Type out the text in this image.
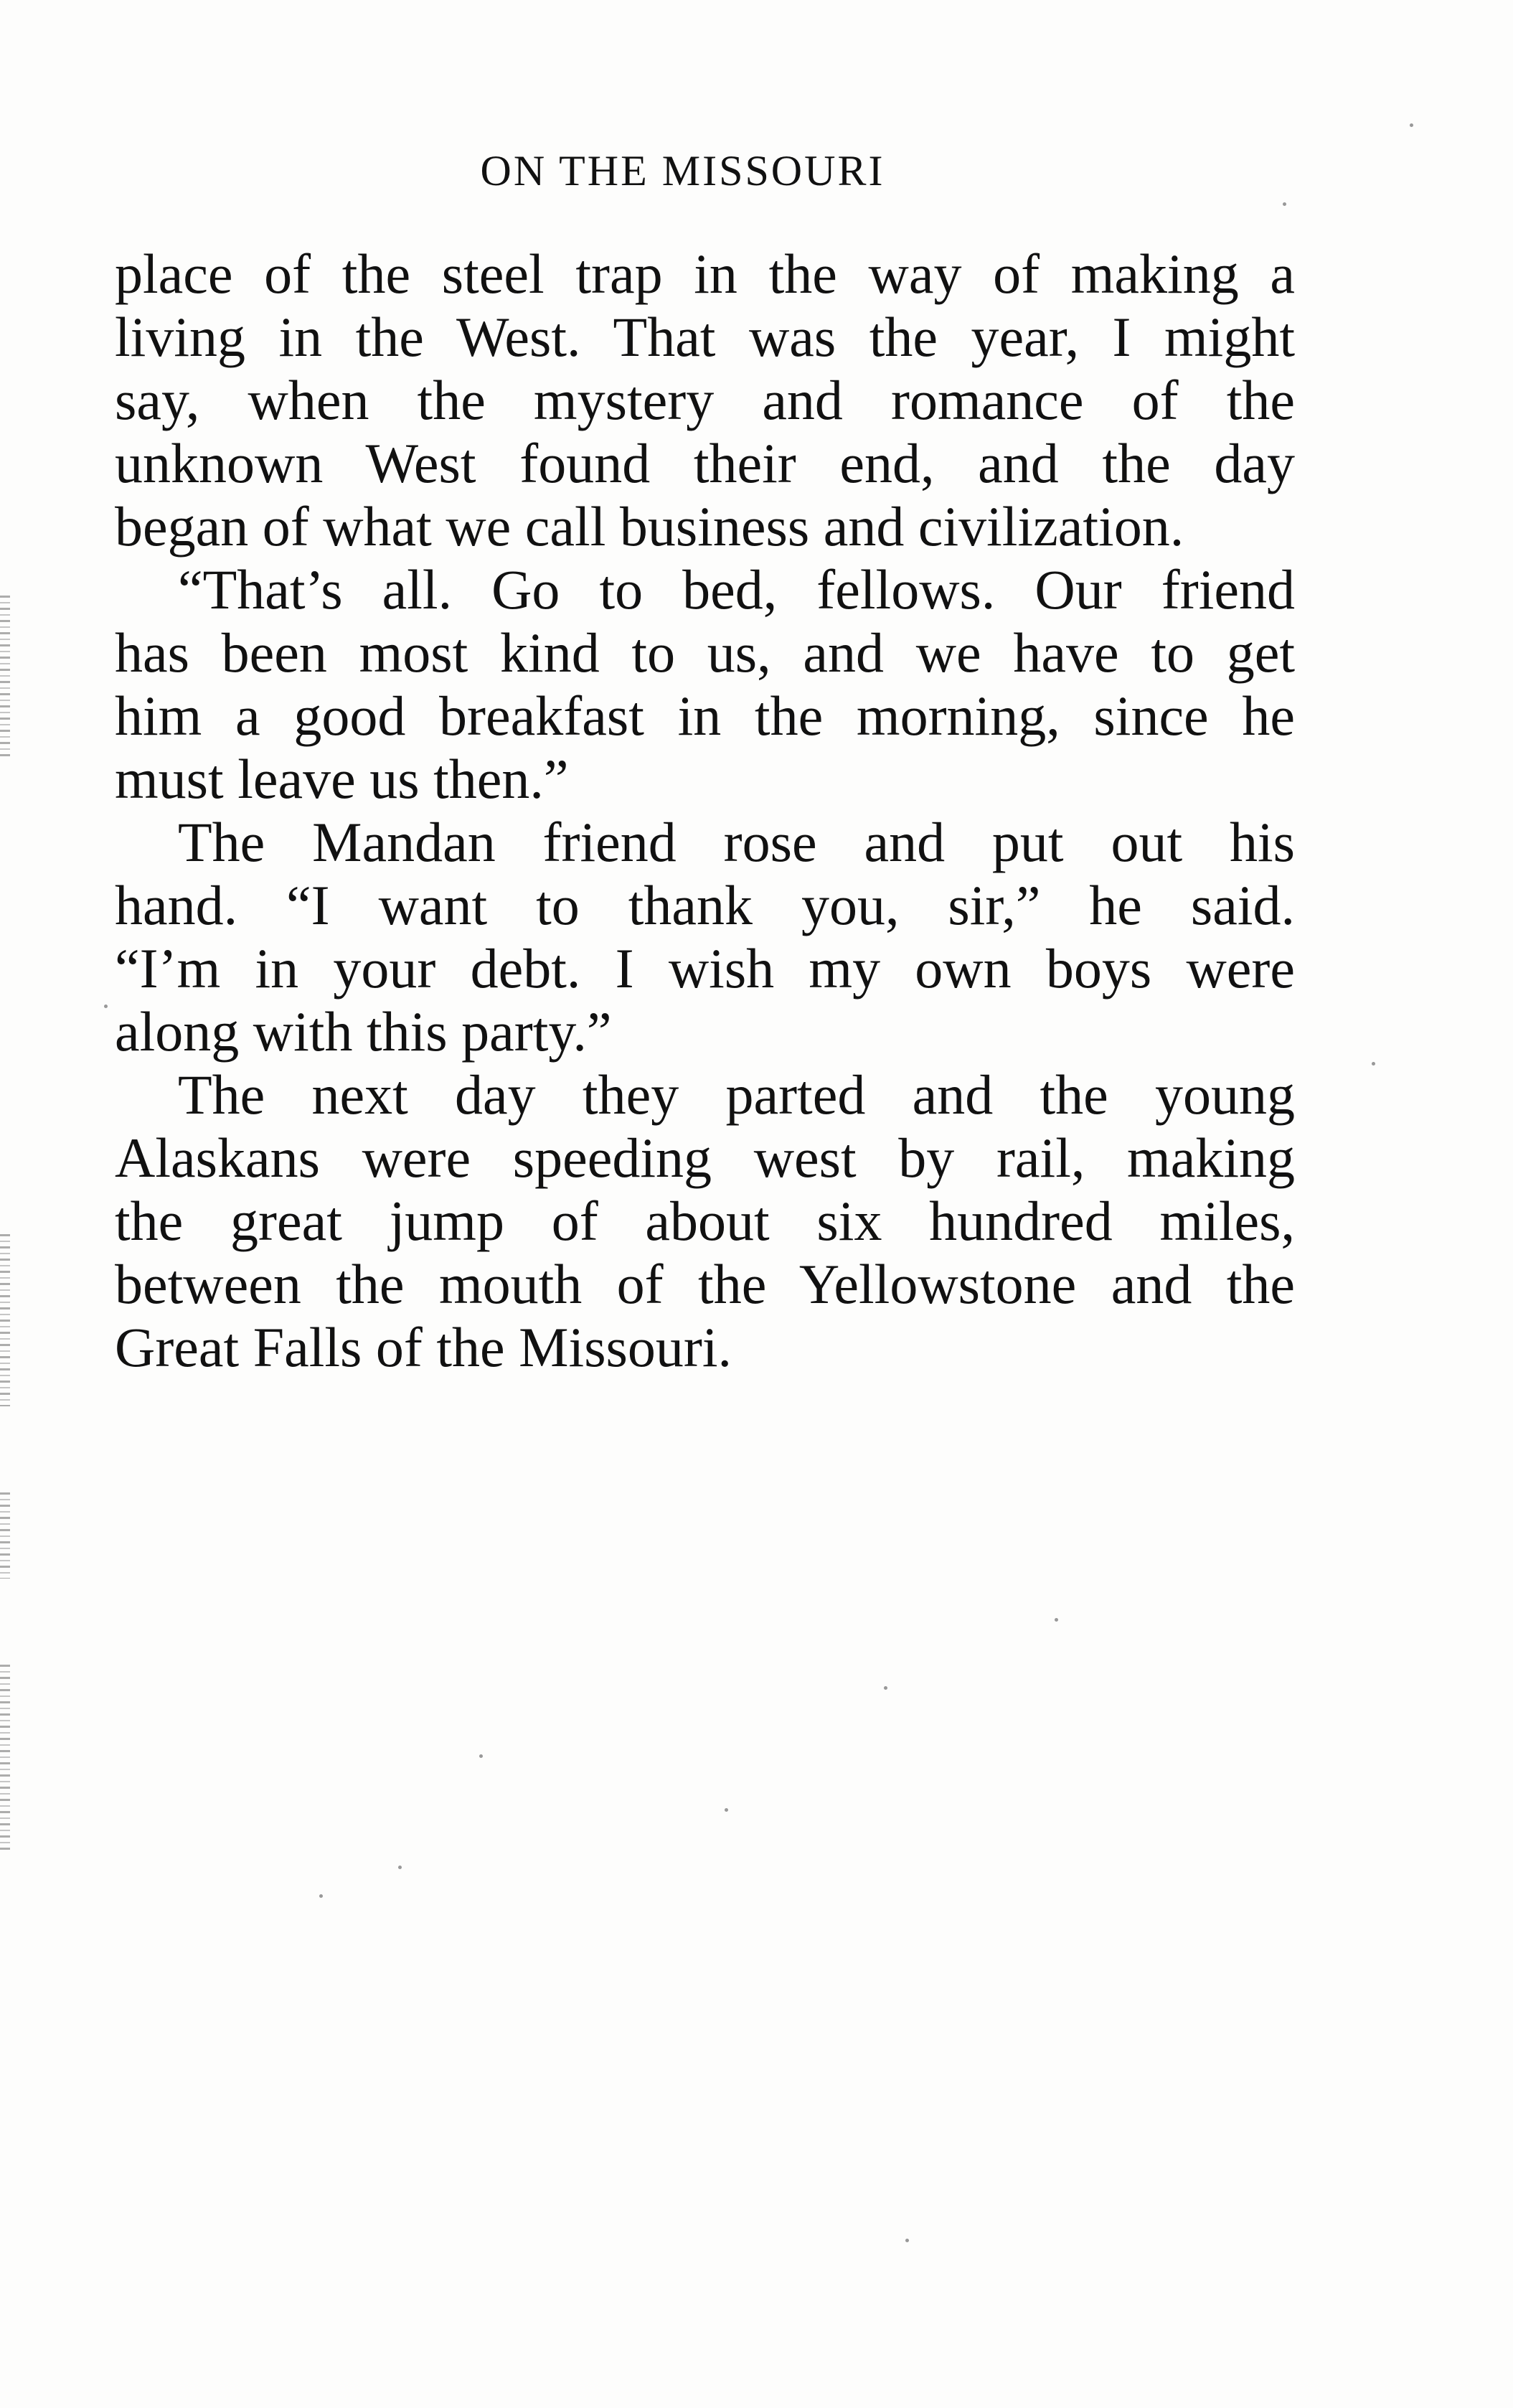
ON THE MISSOURI
place of the steel trap in the way of making a
living in the West. That was the year, I might
say, when the mystery and romance of the
unknown West found their end, and the day
began of what we call business and civilization.
“That’s all. Go to bed, fellows. Our friend
has been most kind to us, and we have to get
him a good breakfast in the morning, since he
must leave us then.”
The Mandan friend rose and put out his
hand. “I want to thank you, sir,” he said.
“I’m in your debt. I wish my own boys were
along with this party.”
The next day they parted and the young
Alaskans were speeding west by rail, making
the great jump of about six hundred miles,
between the mouth of the Yellowstone and the
Great Falls of the Missouri.
